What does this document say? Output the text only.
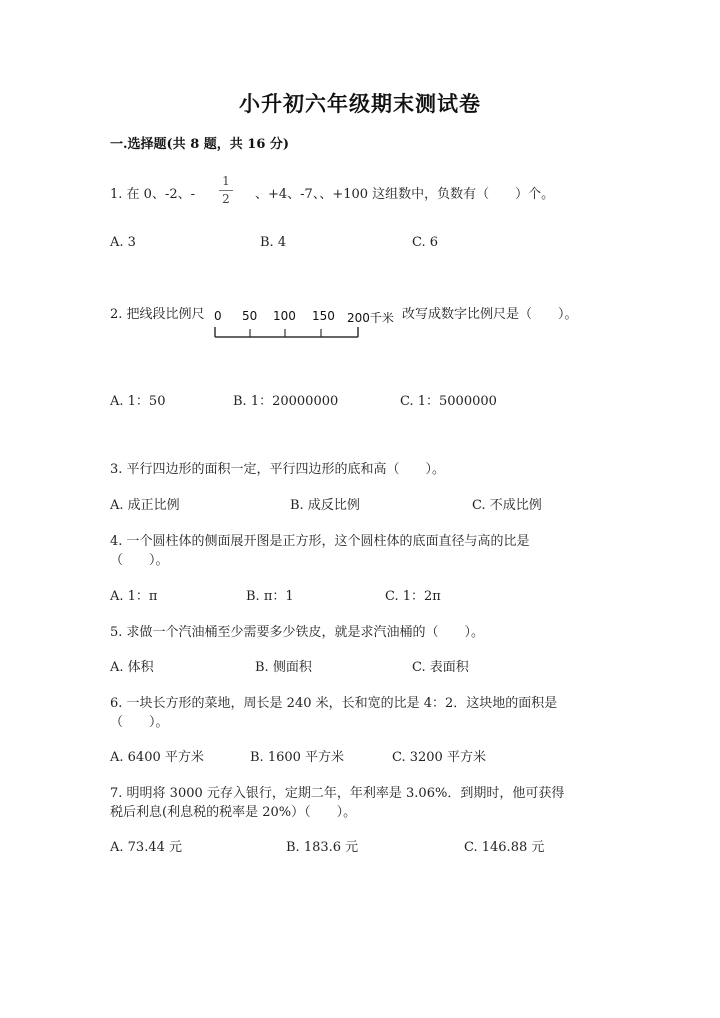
小升初六年级期末测试卷
一.选择题(共 8 题，共 16 分)
1. 在 0、-2、-
1
2	、+4、-7、、+100 这组数中，负数有（　　）个。
A. 3	B. 4	C. 6
2. 把线段比例尺 0 50 100 150 200千米 改写成数字比例尺是（　　）。
A. 1：50	B. 1：20000000	C. 1：5000000
3. 平行四边形的面积一定，平行四边形的底和高（　　）。
A. 成正比例	B. 成反比例	C. 不成比例
4. 一个圆柱体的侧面展开图是正方形，这个圆柱体的底面直径与高的比是
（　　）。
A. 1：π	B. π：1	C. 1：2π
5. 求做一个汽油桶至少需要多少铁皮，就是求汽油桶的（　　）。
A. 体积	B. 侧面积	C. 表面积
6. 一块长方形的菜地，周长是 240 米，长和宽的比是 4：2．这块地的面积是
（　　）。
A. 6400 平方米	B. 1600 平方米	C. 3200 平方米
7. 明明将 3000 元存入银行，定期二年，年利率是 3.06%．到期时，他可获得
税后利息(利息税的税率是 20%）（　　）。
A. 73.44 元	B. 183.6 元	C. 146.88 元
